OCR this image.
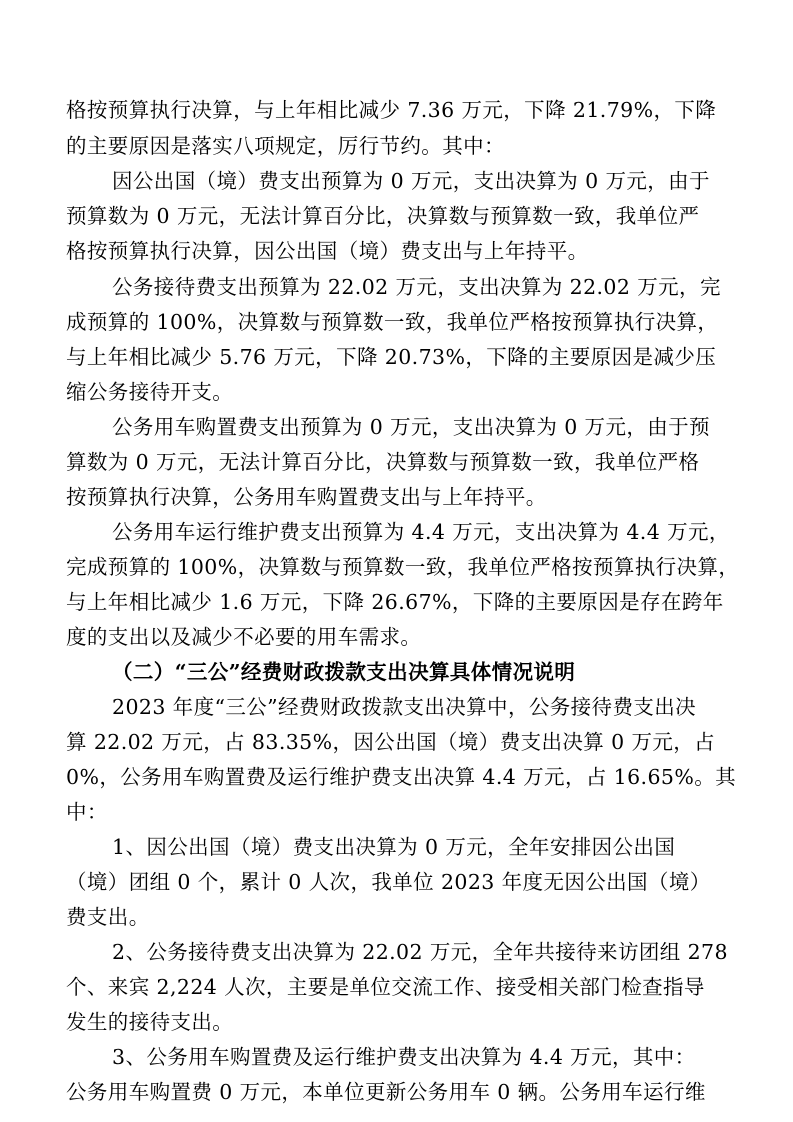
格按预算执行决算，与上年相比减少 7.36 万元，下降 21.79%，下降
的主要原因是落实八项规定，厉行节约。其中：
因公出国（境）费支出预算为 0 万元，支出决算为 0 万元，由于
预算数为 0 万元，无法计算百分比，决算数与预算数一致，我单位严
格按预算执行决算，因公出国（境）费支出与上年持平。
公务接待费支出预算为 22.02 万元，支出决算为 22.02 万元，完
成预算的 100%，决算数与预算数一致，我单位严格按预算执行决算，
与上年相比减少 5.76 万元，下降 20.73%，下降的主要原因是减少压
缩公务接待开支。
公务用车购置费支出预算为 0 万元，支出决算为 0 万元，由于预
算数为 0 万元，无法计算百分比，决算数与预算数一致，我单位严格
按预算执行决算，公务用车购置费支出与上年持平。
公务用车运行维护费支出预算为 4.4 万元，支出决算为 4.4 万元，
完成预算的 100%，决算数与预算数一致，我单位严格按预算执行决算，
与上年相比减少 1.6 万元，下降 26.67%，下降的主要原因是存在跨年
度的支出以及减少不必要的用车需求。
（二）“三公”经费财政拨款支出决算具体情况说明
2023 年度“三公”经费财政拨款支出决算中，公务接待费支出决
算 22.02 万元，占 83.35%，因公出国（境）费支出决算 0 万元，占
0%，公务用车购置费及运行维护费支出决算 4.4 万元，占 16.65%。其
中：
1、因公出国（境）费支出决算为 0 万元，全年安排因公出国
（境）团组 0 个，累计 0 人次，我单位 2023 年度无因公出国（境）
费支出。
2、公务接待费支出决算为 22.02 万元，全年共接待来访团组 278
个、来宾 2,224 人次，主要是单位交流工作、接受相关部门检查指导
发生的接待支出。
3、公务用车购置费及运行维护费支出决算为 4.4 万元，其中：
公务用车购置费 0 万元，本单位更新公务用车 0 辆。公务用车运行维
